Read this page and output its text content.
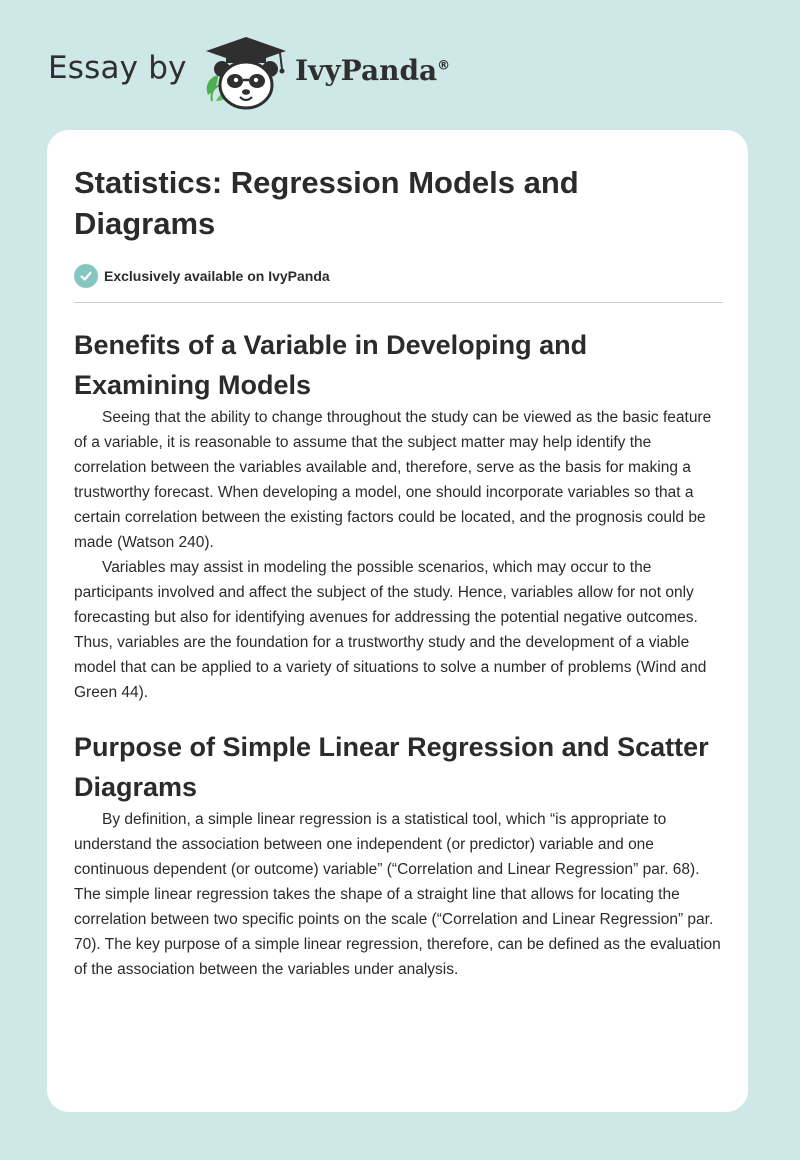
Essay by	IvyPanda®
Statistics: Regression Models and Diagrams
Exclusively available on IvyPanda
Benefits of a Variable in Developing and Examining Models

Seeing that the ability to change throughout the study can be viewed as the basic feature of a variable, it is reasonable to assume that the subject matter may help identify the correlation between the variables available and, therefore, serve as the basis for making a trustworthy forecast. When developing a model, one should incorporate variables so that a certain correlation between the existing factors could be located, and the prognosis could be made (Watson 240).

Variables may assist in modeling the possible scenarios, which may occur to the participants involved and affect the subject of the study. Hence, variables allow for not only forecasting but also for identifying avenues for addressing the potential negative outcomes. Thus, variables are the foundation for a trustworthy study and the development of a viable model that can be applied to a variety of situations to solve a number of problems (Wind and Green 44).

Purpose of Simple Linear Regression and Scatter Diagrams

By definition, a simple linear regression is a statistical tool, which “is appropriate to understand the association between one independent (or predictor) variable and one continuous dependent (or outcome) variable” (“Correlation and Linear Regression” par. 68). The simple linear regression takes the shape of a straight line that allows for locating the correlation between two specific points on the scale (“Correlation and Linear Regression” par. 70). The key purpose of a simple linear regression, therefore, can be defined as the evaluation of the association between the variables under analysis.
